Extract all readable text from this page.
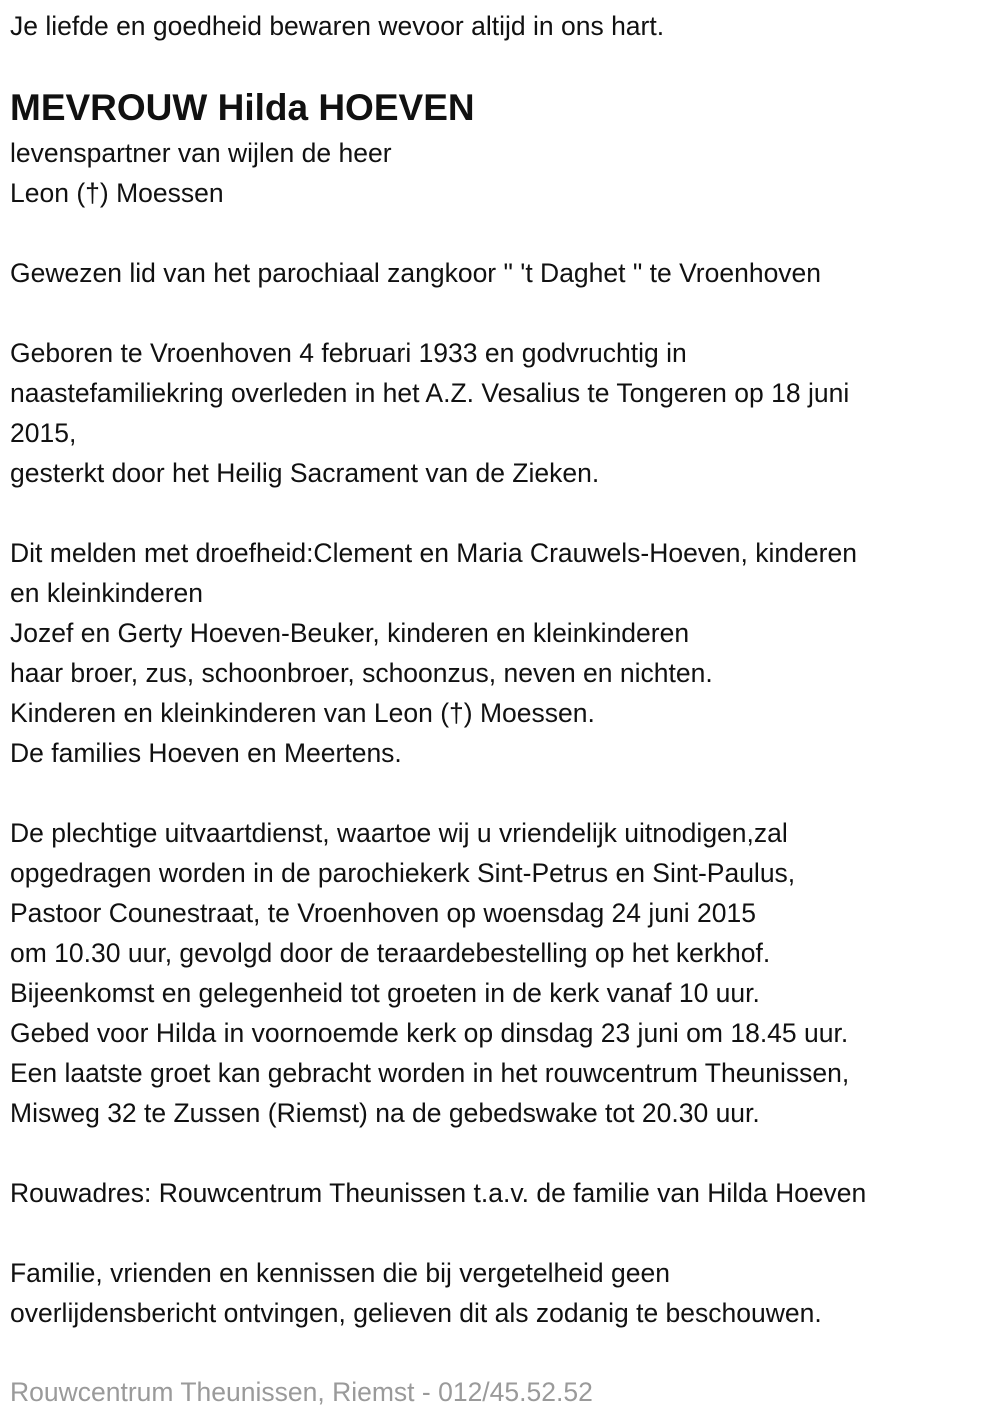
Je liefde en goedheid bewaren wevoor altijd in ons hart.
MEVROUW Hilda HOEVEN
levenspartner van wijlen de heer
Leon (†) Moessen
Gewezen lid van het parochiaal zangkoor " 't Daghet " te Vroenhoven
Geboren te Vroenhoven 4 februari 1933 en godvruchtig in
naastefamiliekring overleden in het A.Z. Vesalius te Tongeren op 18 juni
2015,
gesterkt door het Heilig Sacrament van de Zieken.
Dit melden met droefheid:Clement en Maria Crauwels-Hoeven, kinderen
en kleinkinderen
Jozef en Gerty Hoeven-Beuker, kinderen en kleinkinderen
haar broer, zus, schoonbroer, schoonzus, neven en nichten.
Kinderen en kleinkinderen van Leon (†) Moessen.
De families Hoeven en Meertens.
De plechtige uitvaartdienst, waartoe wij u vriendelijk uitnodigen,zal
opgedragen worden in de parochiekerk Sint-Petrus en Sint-Paulus,
Pastoor Counestraat, te Vroenhoven op woensdag 24 juni 2015
om 10.30 uur, gevolgd door de teraardebestelling op het kerkhof.
Bijeenkomst en gelegenheid tot groeten in de kerk vanaf 10 uur.
Gebed voor Hilda in voornoemde kerk op dinsdag 23 juni om 18.45 uur.
Een laatste groet kan gebracht worden in het rouwcentrum Theunissen,
Misweg 32 te Zussen (Riemst) na de gebedswake tot 20.30 uur.
Rouwadres: Rouwcentrum Theunissen t.a.v. de familie van Hilda Hoeven
Familie, vrienden en kennissen die bij vergetelheid geen
overlijdensbericht ontvingen, gelieven dit als zodanig te beschouwen.
Rouwcentrum Theunissen, Riemst - 012/45.52.52
